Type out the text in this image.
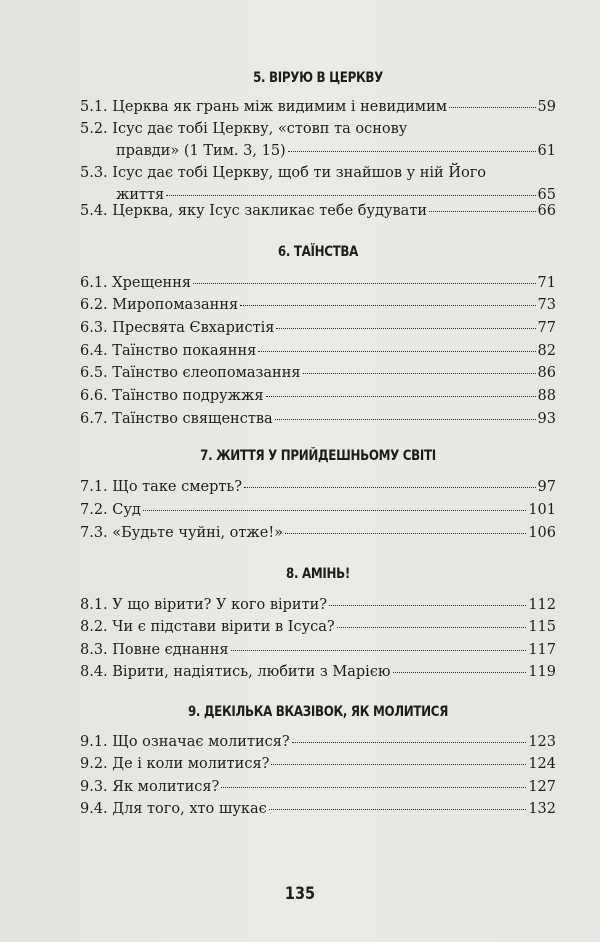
5. ВІРУЮ В ЦЕРКВУ
5.1. Церква як грань між видимим і невидимим	59
5.2. Ісус дає тобі Церкву, «стовп та основу
правди» (1 Тим. 3, 15)	61
5.3. Ісус дає тобі Церкву, щоб ти знайшов у ній Його
життя	65
5.4. Церква, яку Ісус закликає тебе будувати	66
6. ТАЇНСТВА
6.1. Хрещення	71
6.2. Миропомазання	73
6.3. Пресвята Євхаристія	77
6.4. Таїнство покаяння	82
6.5. Таїнство єлеопомазання	86
6.6. Таїнство подружжя	88
6.7. Таїнство священства	93
7. ЖИТТЯ У ПРИЙДЕШНЬОМУ СВІТІ
7.1. Що таке смерть?	97
7.2. Суд	101
7.3. «Будьте чуйні, отже!»	106
8. АМІНЬ!
8.1. У що вірити? У кого вірити?	112
8.2. Чи є підстави вірити в Ісуса?	115
8.3. Повне єднання	117
8.4. Вірити, надіятись, любити з Марією	119
9. ДЕКІЛЬКА ВКАЗІВОК, ЯК МОЛИТИСЯ
9.1. Що означає молитися?	123
9.2. Де і коли молитися?	124
9.3. Як молитися?	127
9.4. Для того, хто шукає	132
135
